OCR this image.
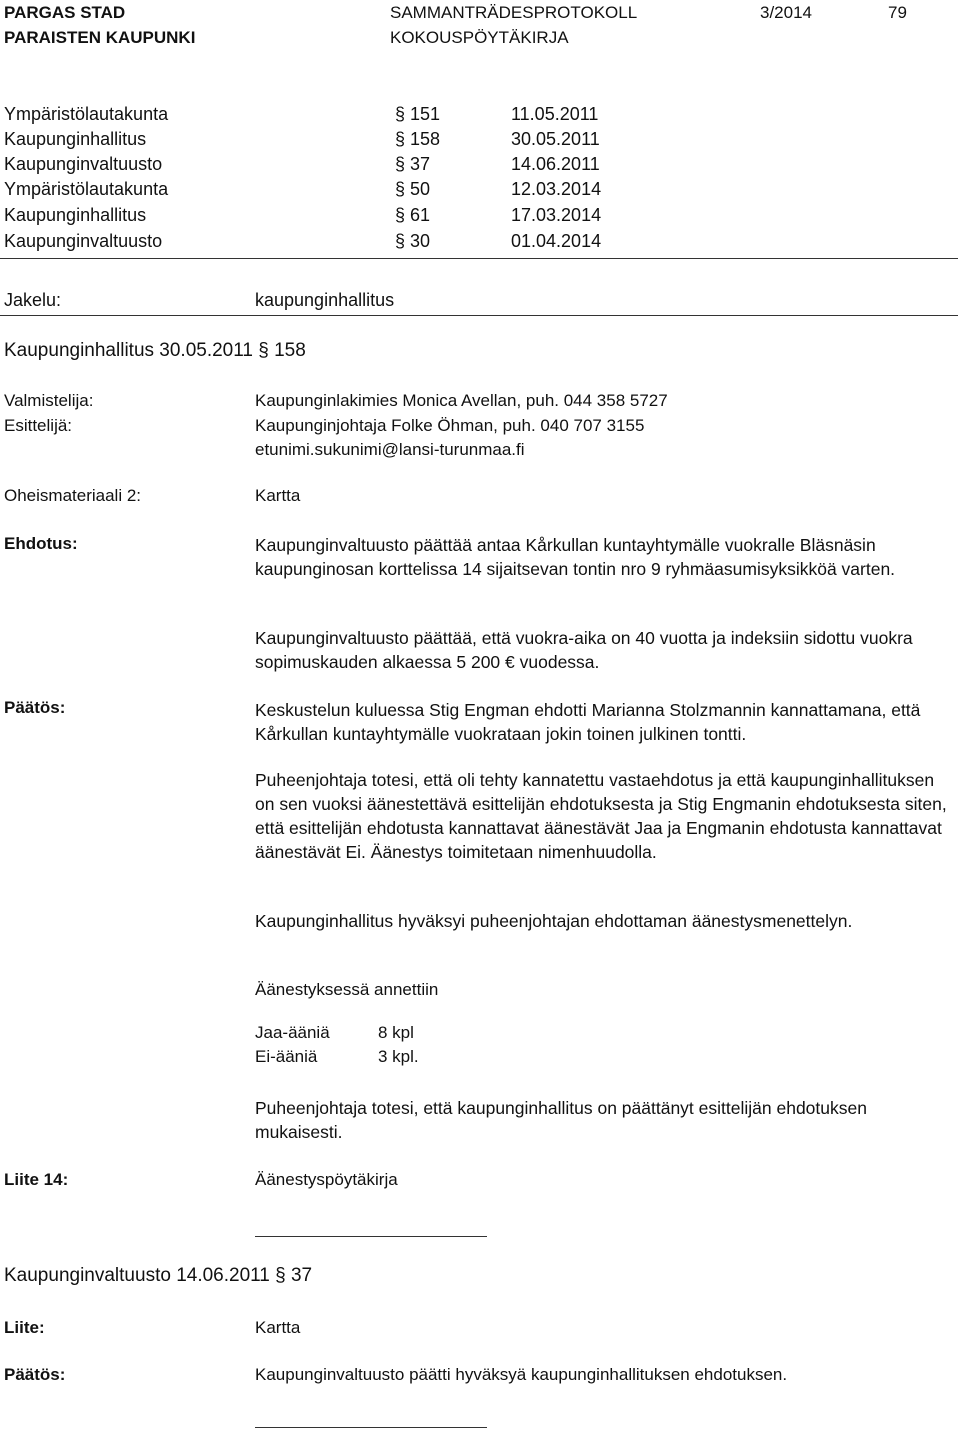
PARGAS STAD
PARAISTEN KAUPUNKI
SAMMANTRÄDESPROTOKOLL
KOKOUSPÖYTÄKIRJA
3/2014	79
Ympäristölautakunta	§ 151	11.05.2011
Kaupunginhallitus	§ 158	30.05.2011
Kaupunginvaltuusto	§ 37	14.06.2011
Ympäristölautakunta	§ 50	12.03.2014
Kaupunginhallitus	§ 61	17.03.2014
Kaupunginvaltuusto	§ 30	01.04.2014
Jakelu:	kaupunginhallitus
Kaupunginhallitus 30.05.2011 § 158
Valmistelija:	Kaupunginlakimies Monica Avellan, puh. 044 358 5727
Esittelijä:	Kaupunginjohtaja Folke Öhman, puh. 040 707 3155
etunimi.sukunimi@lansi-turunmaa.fi
Oheismateriaali 2:	Kartta
Ehdotus:	Kaupunginvaltuusto päättää antaa Kårkullan kuntayhtymälle vuokralle Bläsnäsin kaupunginosan korttelissa 14 sijaitsevan tontin nro 9 ryhmäasumisyksikköä varten.
Kaupunginvaltuusto päättää, että vuokra-aika on 40 vuotta ja indeksiin sidottu vuokra sopimuskauden alkaessa 5 200 € vuodessa.
Päätös:	Keskustelun kuluessa Stig Engman ehdotti Marianna Stolzmannin kannattamana, että Kårkullan kuntayhtymälle vuokrataan jokin toinen julkinen tontti.
Puheenjohtaja totesi, että oli tehty kannatettu vastaehdotus ja että kaupunginhallituksen on sen vuoksi äänestettävä esittelijän ehdotuksesta ja Stig Engmanin ehdotuksesta siten, että esittelijän ehdotusta kannattavat äänestävät Jaa ja Engmanin ehdotusta kannattavat äänestävät Ei. Äänestys toimitetaan nimenhuudolla.
Kaupunginhallitus hyväksyi puheenjohtajan ehdottaman äänestysmenettelyn.
Äänestyksessä annettiin
Jaa-ääniä	8 kpl
Ei-ääniä	3 kpl.
Puheenjohtaja totesi, että kaupunginhallitus on päättänyt esittelijän ehdotuksen mukaisesti.
Liite 14:	Äänestyspöytäkirja
Kaupunginvaltuusto 14.06.2011 § 37
Liite:	Kartta
Päätös:	Kaupunginvaltuusto päätti hyväksyä kaupunginhallituksen ehdotuksen.
